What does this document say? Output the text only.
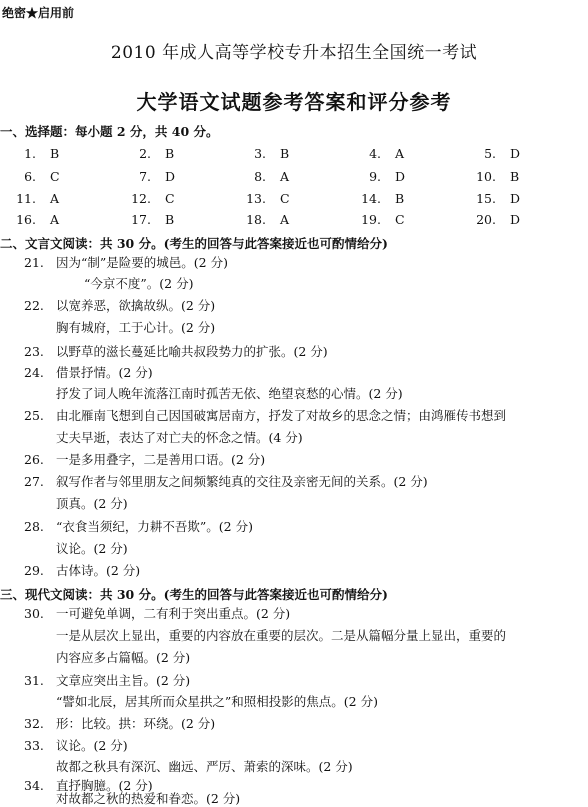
绝密★启用前
2010 年成人高等学校专升本招生全国统一考试
大学语文试题参考答案和评分参考
一、选择题：每小题 2 分，共 40 分。
1. B	2. B	3. B	4. A	5. D
6. C	7. D	8. A	9. D	10. B
11. A	12. C	13. C	14. B	15. D
16. A	17. B	18. A	19. C	20. D
二、文言文阅读：共 30 分。(考生的回答与此答案接近也可酌情给分)
21. 因为“制”是险要的城邑。(2 分)
“今京不度”。(2 分)
22. 以宽养恶，欲擒故纵。(2 分)
胸有城府，工于心计。(2 分)
23. 以野草的滋长蔓延比喻共叔段势力的扩张。(2 分)
24. 借景抒情。(2 分)
抒发了词人晚年流落江南时孤苦无依、绝望哀愁的心情。(2 分)
25. 由北雁南飞想到自己因国破寓居南方，抒发了对故乡的思念之情；由鸿雁传书想到
丈夫早逝，表达了对亡夫的怀念之情。(4 分)
26. 一是多用叠字，二是善用口语。(2 分)
27. 叙写作者与邻里朋友之间频繁纯真的交往及亲密无间的关系。(2 分)
顶真。(2 分)
28. “衣食当须纪，力耕不吾欺”。(2 分)
议论。(2 分)
29. 古体诗。(2 分)
三、现代文阅读：共 30 分。(考生的回答与此答案接近也可酌情给分)
30. 一可避免单调，二有利于突出重点。(2 分)
一是从层次上显出，重要的内容放在重要的层次。二是从篇幅分量上显出，重要的
内容应多占篇幅。(2 分)
31. 文章应突出主旨。(2 分)
“譬如北辰，居其所而众星拱之”和照相投影的焦点。(2 分)
32. 形：比较。拱：环绕。(2 分)
33. 议论。(2 分)
故都之秋具有深沉、幽远、严厉、萧索的深味。(2 分)
34. 直抒胸臆。(2 分)
对故都之秋的热爱和眷恋。(2 分)
